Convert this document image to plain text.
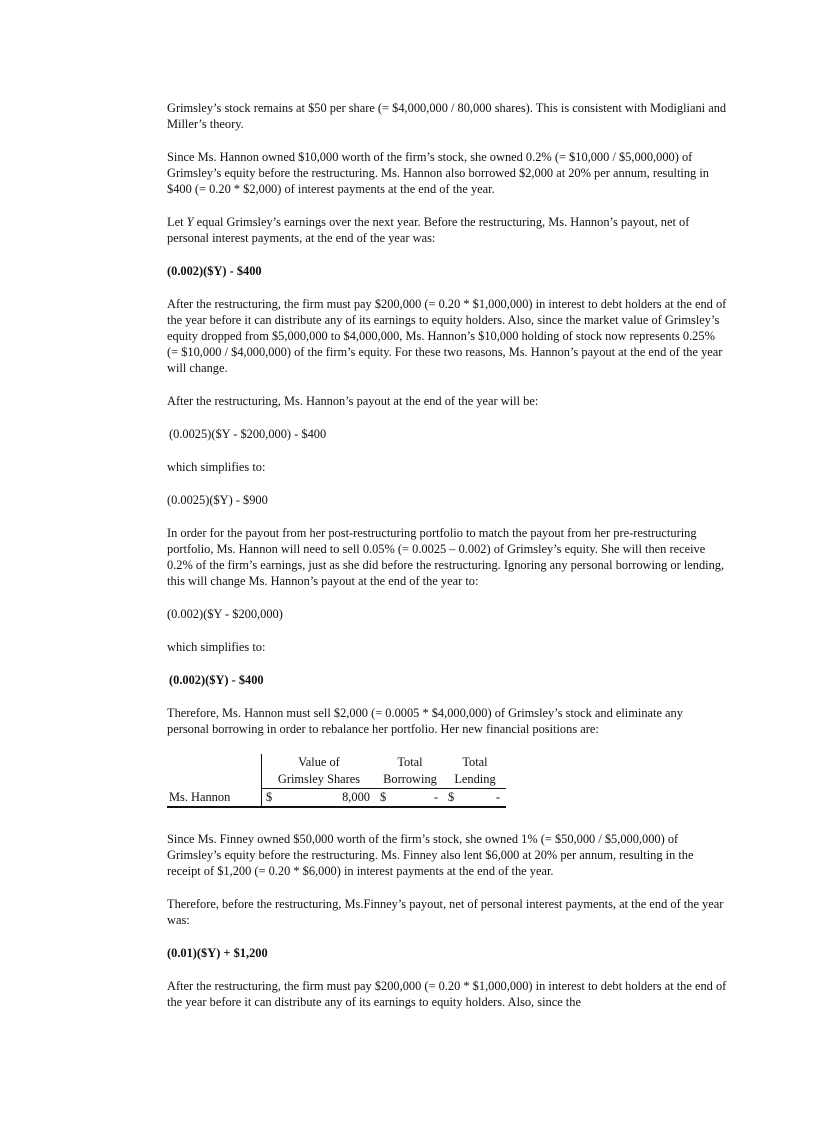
Grimsley’s stock remains at $50 per share (= $4,000,000 / 80,000 shares). This is consistent with Modigliani and Miller’s theory.

Since Ms. Hannon owned $10,000 worth of the firm’s stock, she owned 0.2% (= $10,000 / $5,000,000) of Grimsley’s equity before the restructuring. Ms. Hannon also borrowed $2,000 at 20% per annum, resulting in $400 (= 0.20 * $2,000) of interest payments at the end of the year.

Let Y equal Grimsley’s earnings over the next year. Before the restructuring, Ms. Hannon’s payout, net of personal interest payments, at the end of the year was:

(0.002)($Y) - $400

After the restructuring, the firm must pay $200,000 (= 0.20 * $1,000,000) in interest to debt holders at the end of the year before it can distribute any of its earnings to equity holders. Also, since the market value of Grimsley’s equity dropped from $5,000,000 to $4,000,000, Ms. Hannon’s $10,000 holding of stock now represents 0.25% (= $10,000 / $4,000,000) of the firm’s equity. For these two reasons, Ms. Hannon’s payout at the end of the year will change.

After the restructuring, Ms. Hannon’s payout at the end of the year will be:

(0.0025)($Y - $200,000) - $400

which simplifies to:

(0.0025)($Y) - $900

In order for the payout from her post-restructuring portfolio to match the payout from her pre-restructuring portfolio, Ms. Hannon will need to sell 0.05% (= 0.0025 – 0.002) of Grimsley’s equity. She will then receive 0.2% of the firm’s earnings, just as she did before the restructuring. Ignoring any personal borrowing or lending, this will change Ms. Hannon’s payout at the end of the year to:

(0.002)($Y - $200,000)

which simplifies to:

(0.002)($Y) - $400

Therefore, Ms. Hannon must sell $2,000 (= 0.0005 * $4,000,000) of Grimsley’s stock and eliminate any personal borrowing in order to rebalance her portfolio. Her new financial positions are:

	Value of	Total	Total
	Grimsley Shares	Borrowing	Lending
Ms. Hannon	$ 8,000	$ -	$ -

Since Ms. Finney owned $50,000 worth of the firm’s stock, she owned 1% (= $50,000 / $5,000,000) of Grimsley’s equity before the restructuring. Ms. Finney also lent $6,000 at 20% per annum, resulting in the receipt of $1,200 (= 0.20 * $6,000) in interest payments at the end of the year.

Therefore, before the restructuring, Ms.Finney’s payout, net of personal interest payments, at the end of the year was:

(0.01)($Y) + $1,200

After the restructuring, the firm must pay $200,000 (= 0.20 * $1,000,000) in interest to debt holders at the end of the year before it can distribute any of its earnings to equity holders. Also, since the
